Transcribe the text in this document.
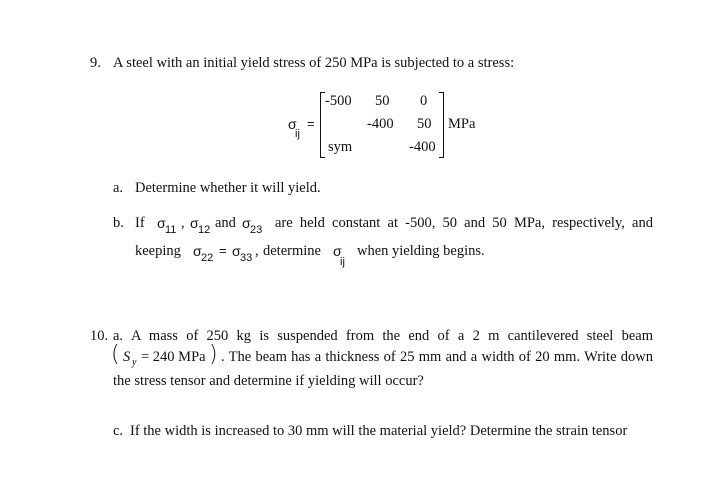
9. A steel with an initial yield stress of 250 MPa is subjected to a stress:
σ
ij
=
-500 50 0
-400 50
sym	-400
MPa
a. Determine whether it will yield.
b. If σ 11 , σ 12 and σ 23 are held constant at -500, 50 and 50 MPa, respectively, and
keeping σ 22 = σ 33 , determine σ
ij
when yielding begins.
10. a. A mass of 250 kg is suspended from the end of a 2 m cantilevered steel beam
( S y = 240 MPa ) . The beam has a thickness of 25 mm and a width of 20 mm. Write down
the stress tensor and determine if yielding will occur?
c. If the width is increased to 30 mm will the material yield? Determine the strain tensor
